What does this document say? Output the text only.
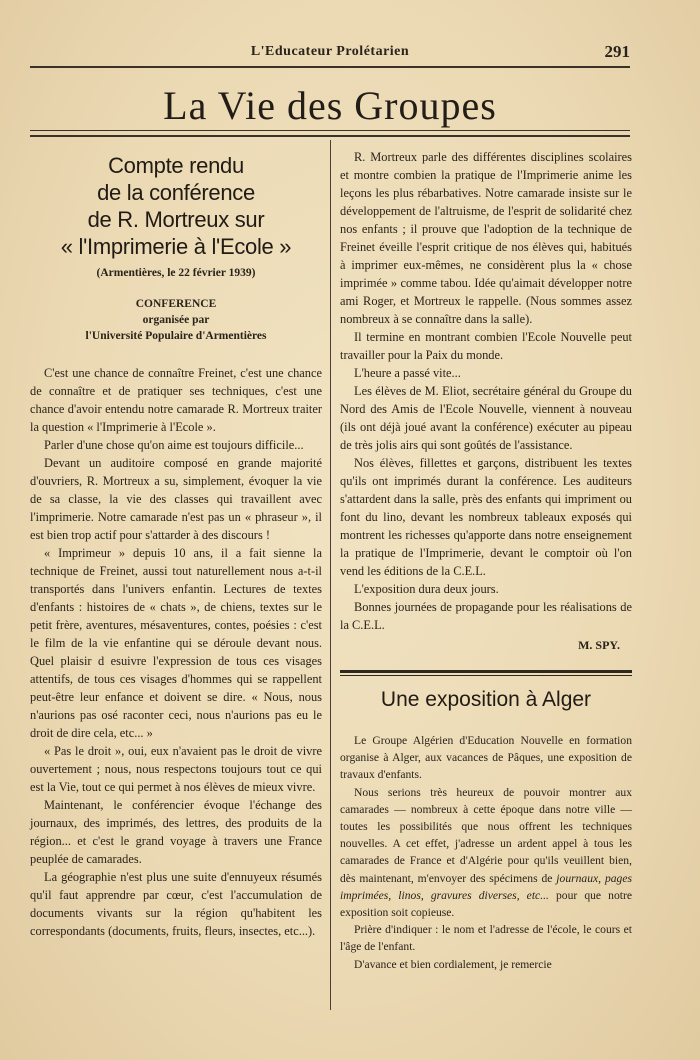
L'Educateur Prolétarien	291
La Vie des Groupes
Compte rendu
de la conférence
de R. Mortreux sur
« l'Imprimerie à l'Ecole »
(Armentières, le 22 février 1939)
CONFERENCE
organisée par
l'Université Populaire d'Armentières

C'est une chance de connaître Freinet, c'est une chance de connaître et de pratiquer ses techniques, c'est une chance d'avoir entendu notre camarade R. Mortreux traiter la question « l'Imprimerie à l'Ecole ».

Parler d'une chose qu'on aime est toujours difficile...

Devant un auditoire composé en grande majorité d'ouvriers, R. Mortreux a su, simplement, évoquer la vie de sa classe, la vie des classes qui travaillent avec l'imprimerie. Notre camarade n'est pas un « phraseur », il est bien trop actif pour s'attarder à des discours !

« Imprimeur » depuis 10 ans, il a fait sienne la technique de Freinet, aussi tout naturellement nous a-t-il transportés dans l'univers enfantin. Lectures de textes d'enfants : histoires de « chats », de chiens, textes sur le petit frère, aventures, mésaventures, contes, poésies : c'est le film de la vie enfantine qui se déroule devant nous. Quel plaisir d esuivre l'expression de tous ces visages attentifs, de tous ces visages d'hommes qui se rappellent peut-être leur enfance et doivent se dire. « Nous, nous n'aurions pas osé raconter ceci, nous n'aurions pas eu le droit de dire cela, etc... »

« Pas le droit », oui, eux n'avaient pas le droit de vivre ouvertement ; nous, nous respectons toujours tout ce qui est la Vie, tout ce qui permet à nos élèves de mieux vivre.

Maintenant, le conférencier évoque l'échange des journaux, des imprimés, des lettres, des produits de la région... et c'est le grand voyage à travers une France peuplée de camarades.

La géographie n'est plus une suite d'ennuyeux résumés qu'il faut apprendre par cœur, c'est l'accumulation de documents vivants sur la région qu'habitent les correspondants (documents, fruits, fleurs, insectes, etc...).

R. Mortreux parle des différentes disciplines scolaires et montre combien la pratique de l'Imprimerie anime les leçons les plus rébarbatives. Notre camarade insiste sur le développement de l'altruisme, de l'esprit de solidarité chez nos enfants ; il prouve que l'adoption de la technique de Freinet éveille l'esprit critique de nos élèves qui, habitués à imprimer eux-mêmes, ne considèrent plus la « chose imprimée » comme tabou. Idée qu'aimait développer notre ami Roger, et Mortreux le rappelle. (Nous sommes assez nombreux à se connaître dans la salle).

Il termine en montrant combien l'Ecole Nouvelle peut travailler pour la Paix du monde.

L'heure a passé vite...

Les élèves de M. Eliot, secrétaire général du Groupe du Nord des Amis de l'Ecole Nouvelle, viennent à nouveau (ils ont déjà joué avant la conférence) exécuter au pipeau de très jolis airs qui sont goûtés de l'assistance.

Nos élèves, fillettes et garçons, distribuent les textes qu'ils ont imprimés durant la conférence. Les auditeurs s'attardent dans la salle, près des enfants qui impriment ou font du lino, devant les nombreux tableaux exposés qui montrent les richesses qu'apporte dans notre enseignement la pratique de l'Imprimerie, devant le comptoir où l'on vend les éditions de la C.E.L.

L'exposition dura deux jours.

Bonnes journées de propagande pour les réalisations de la C.E.L.

M. SPY.

Une exposition à Alger

Le Groupe Algérien d'Education Nouvelle en formation organise à Alger, aux vacances de Pâques, une exposition de travaux d'enfants.

Nous serions très heureux de pouvoir montrer aux camarades — nombreux à cette époque dans notre ville — toutes les possibilités que nous offrent les techniques nouvelles. A cet effet, j'adresse un ardent appel à tous les camarades de France et d'Algérie pour qu'ils veuillent bien, dès maintenant, m'envoyer des spécimens de journaux, pages imprimées, linos, gravures diverses, etc... pour que notre exposition soit copieuse.

Prière d'indiquer : le nom et l'adresse de l'école, le cours et l'âge de l'enfant.

D'avance et bien cordialement, je remercie
